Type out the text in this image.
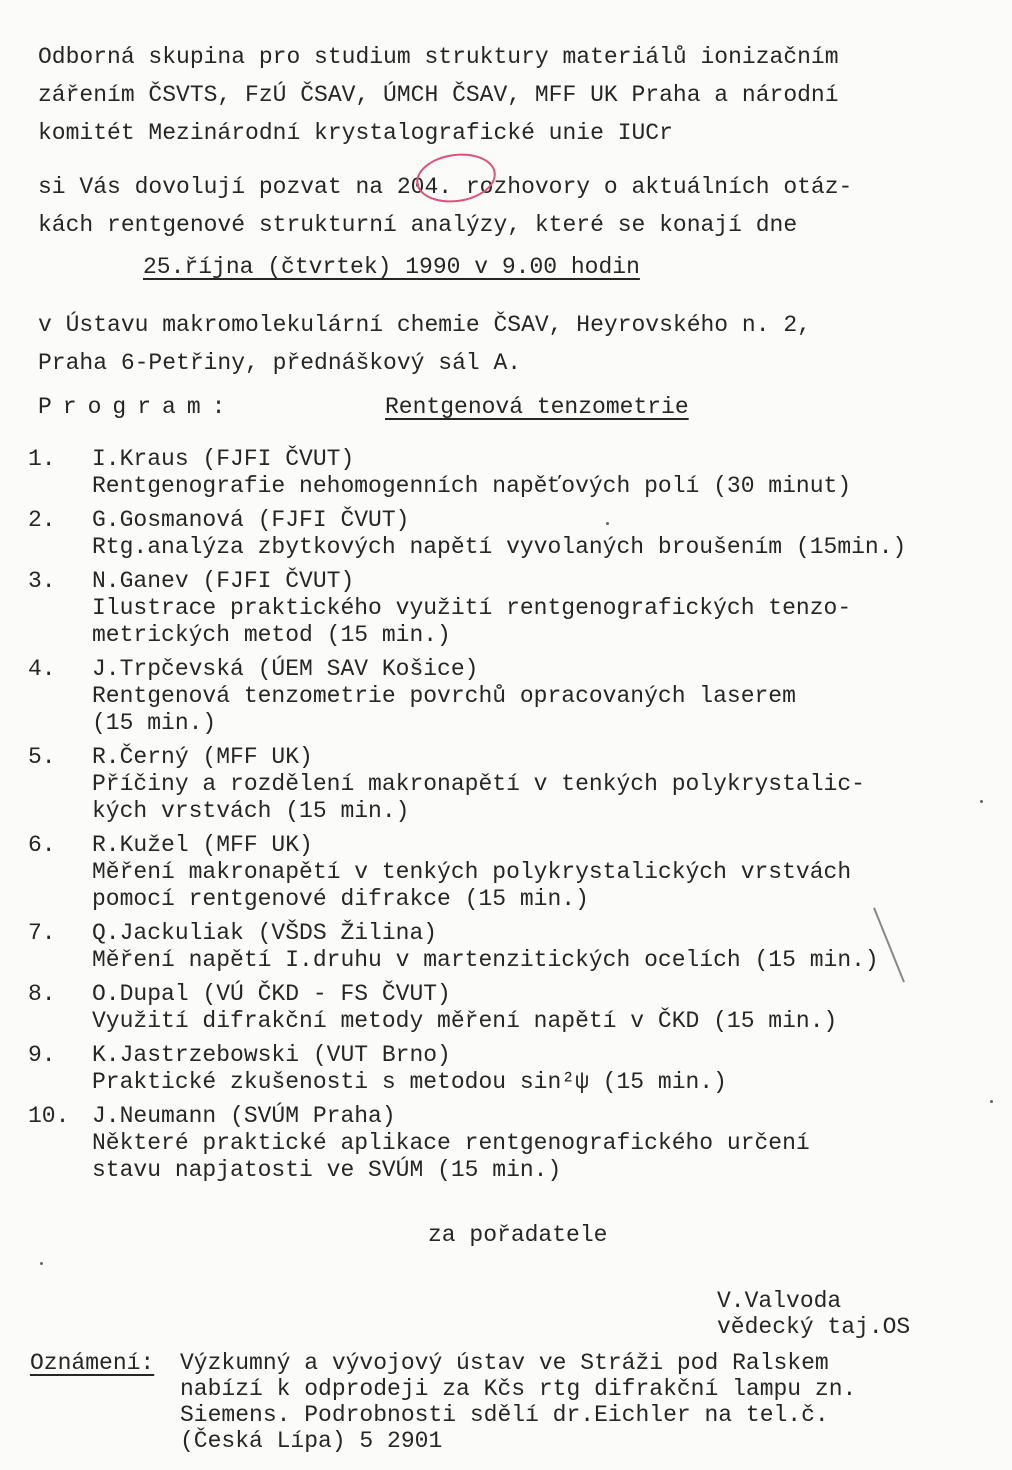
Odborná skupina pro studium struktury materiálů ionizačním
zářením ČSVTS, FzÚ ČSAV, ÚMCH ČSAV, MFF UK Praha a národní
komitét Mezinárodní krystalografické unie IUCr
si Vás dovolují pozvat na 204. rozhovory o aktuálních otáz-
kách rentgenové strukturní analýzy, které se konají dne
25.října (čtvrtek) 1990 v 9.00 hodin
v Ústavu makromolekulární chemie ČSAV, Heyrovského n. 2,
Praha 6-Petřiny, přednáškový sál A.
Program:	Rentgenová tenzometrie
1.	I.Kraus (FJFI ČVUT)
Rentgenografie nehomogenních napěťových polí (30 minut)
2.	G.Gosmanová (FJFI ČVUT)
Rtg.analýza zbytkových napětí vyvolaných broušením (15min.)
3.	N.Ganev (FJFI ČVUT)
Ilustrace praktického využití rentgenografických tenzo-
metrických metod (15 min.)
4.	J.Trpčevská (ÚEM SAV Košice)
Rentgenová tenzometrie povrchů opracovaných laserem
(15 min.)
5.	R.Černý (MFF UK)
Příčiny a rozdělení makronapětí v tenkých polykrystalic-
kých vrstvách (15 min.)
6.	R.Kužel (MFF UK)
Měření makronapětí v tenkých polykrystalických vrstvách
pomocí rentgenové difrakce (15 min.)
7.	Q.Jackuliak (VŠDS Žilina)
Měření napětí I.druhu v martenzitických ocelích (15 min.)
8.	O.Dupal (VÚ ČKD - FS ČVUT)
Využití difrakční metody měření napětí v ČKD (15 min.)
9.	K.Jastrzebowski (VUT Brno)
Praktické zkušenosti s metodou sin²ψ (15 min.)
10. J.Neumann (SVÚM Praha)
Některé praktické aplikace rentgenografického určení
stavu napjatosti ve SVÚM (15 min.)
za pořadatele
V.Valvoda
vědecký taj.OS
Oznámení: Výzkumný a vývojový ústav ve Stráži pod Ralskem
nabízí k odprodeji za Kčs rtg difrakční lampu zn.
Siemens. Podrobnosti sdělí dr.Eichler na tel.č.
(Česká Lípa) 5 2901
